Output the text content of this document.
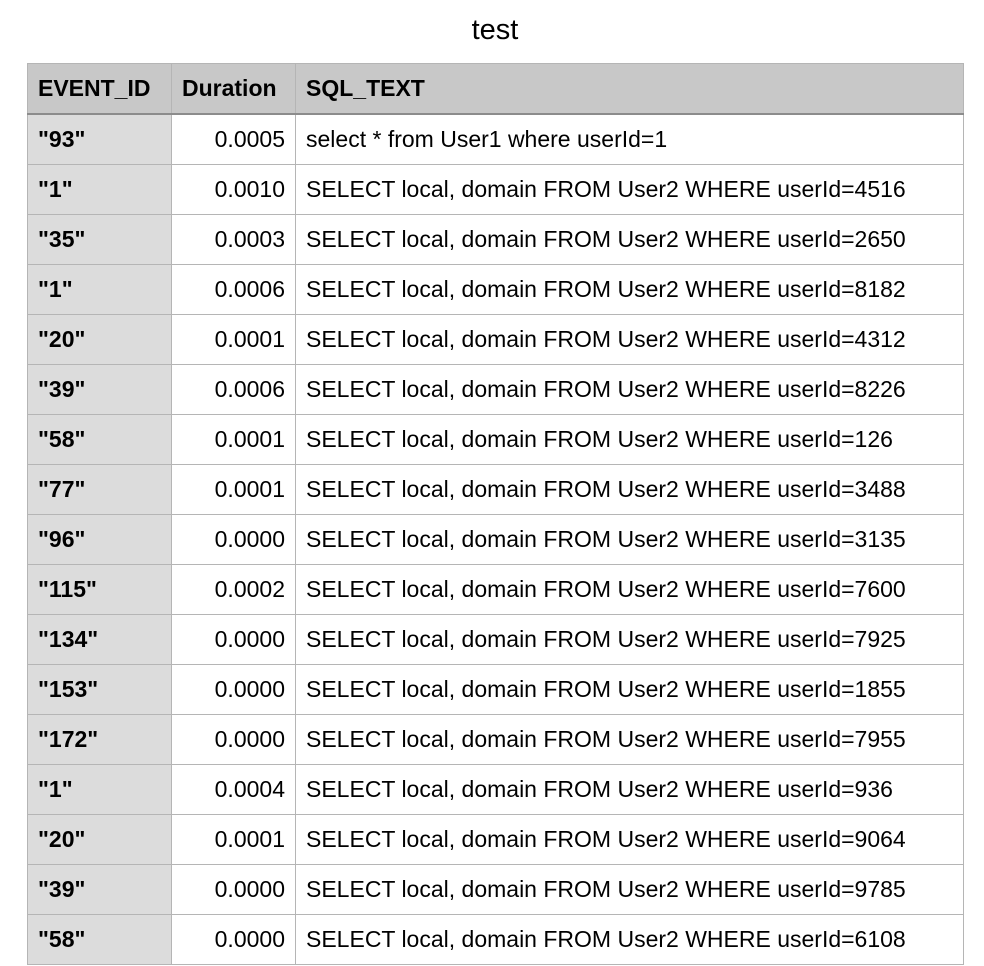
test
EVENT_ID	Duration	SQL_TEXT
"93"	0.0005	select * from User1 where userId=1
"1"	0.0010	SELECT local, domain FROM User2 WHERE userId=4516
"35"	0.0003	SELECT local, domain FROM User2 WHERE userId=2650
"1"	0.0006	SELECT local, domain FROM User2 WHERE userId=8182
"20"	0.0001	SELECT local, domain FROM User2 WHERE userId=4312
"39"	0.0006	SELECT local, domain FROM User2 WHERE userId=8226
"58"	0.0001	SELECT local, domain FROM User2 WHERE userId=126
"77"	0.0001	SELECT local, domain FROM User2 WHERE userId=3488
"96"	0.0000	SELECT local, domain FROM User2 WHERE userId=3135
"115"	0.0002	SELECT local, domain FROM User2 WHERE userId=7600
"134"	0.0000	SELECT local, domain FROM User2 WHERE userId=7925
"153"	0.0000	SELECT local, domain FROM User2 WHERE userId=1855
"172"	0.0000	SELECT local, domain FROM User2 WHERE userId=7955
"1"	0.0004	SELECT local, domain FROM User2 WHERE userId=936
"20"	0.0001	SELECT local, domain FROM User2 WHERE userId=9064
"39"	0.0000	SELECT local, domain FROM User2 WHERE userId=9785
"58"	0.0000	SELECT local, domain FROM User2 WHERE userId=6108
